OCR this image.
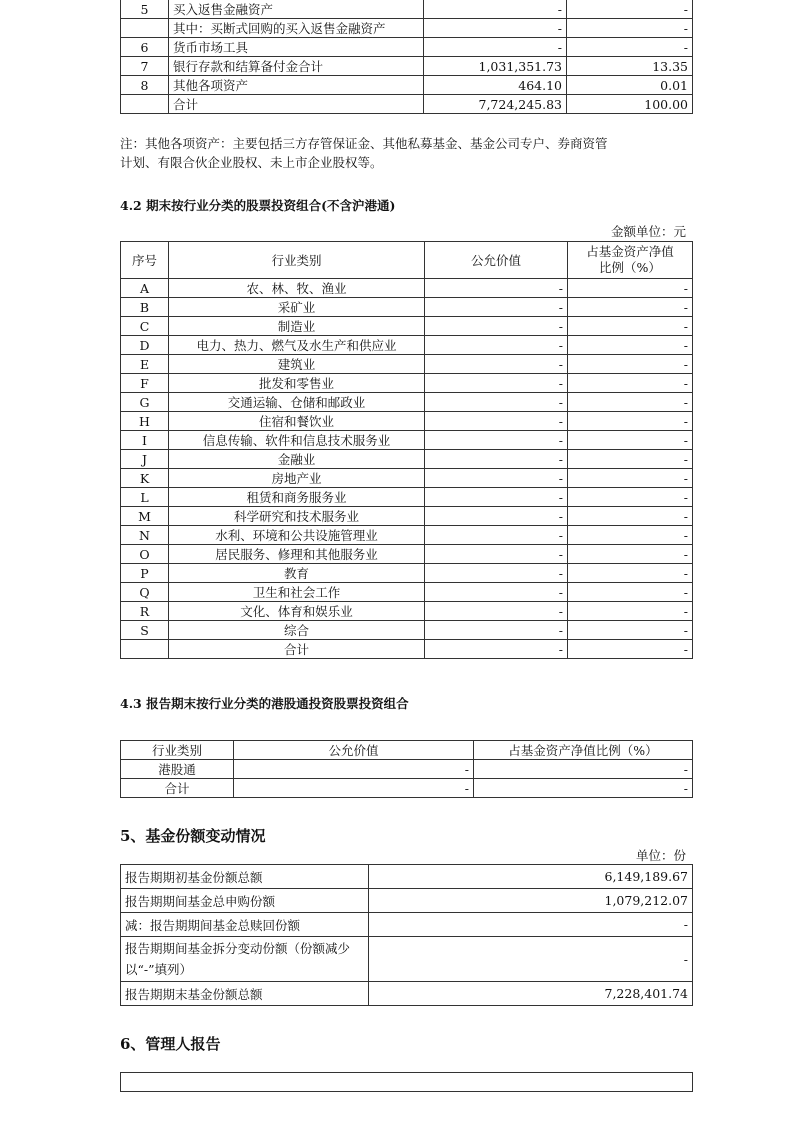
5	买入返售金融资产	-	-
	其中：买断式回购的买入返售金融资产	-	-
6	货币市场工具	-	-
7	银行存款和结算备付金合计	1,031,351.73	13.35
8	其他各项资产	464.10	0.01
	合计	7,724,245.83	100.00
注：其他各项资产：主要包括三方存管保证金、其他私募基金、基金公司专户、券商资管
计划、有限合伙企业股权、未上市企业股权等。
4.2 期末按行业分类的股票投资组合(不含沪港通)
金额单位：元
序号	行业类别	公允价值	占基金资产净值
比例（%）

A	农、林、牧、渔业	-	-
B	采矿业	-	-
C	制造业	-	-
D	电力、热力、燃气及水生产和供应业	-	-
E	建筑业	-	-
F	批发和零售业	-	-
G	交通运输、仓储和邮政业	-	-
H	住宿和餐饮业	-	-
I	信息传输、软件和信息技术服务业	-	-
J	金融业	-	-
K	房地产业	-	-
L	租赁和商务服务业	-	-
M	科学研究和技术服务业	-	-
N	水利、环境和公共设施管理业	-	-
O	居民服务、修理和其他服务业	-	-
P	教育	-	-
Q	卫生和社会工作	-	-
R	文化、体育和娱乐业	-	-
S	综合	-	-
	合计	-	-
4.3 报告期末按行业分类的港股通投资股票投资组合
行业类别	公允价值	占基金资产净值比例（%）
港股通	-	-
合计	-	-
5、基金份额变动情况
单位：份
报告期期初基金份额总额	6,149,189.67
报告期期间基金总申购份额	1,079,212.07
减：报告期期间基金总赎回份额	-
报告期期间基金拆分变动份额（份额减少以“-”填列）	-
报告期期末基金份额总额	7,228,401.74
6、管理人报告
